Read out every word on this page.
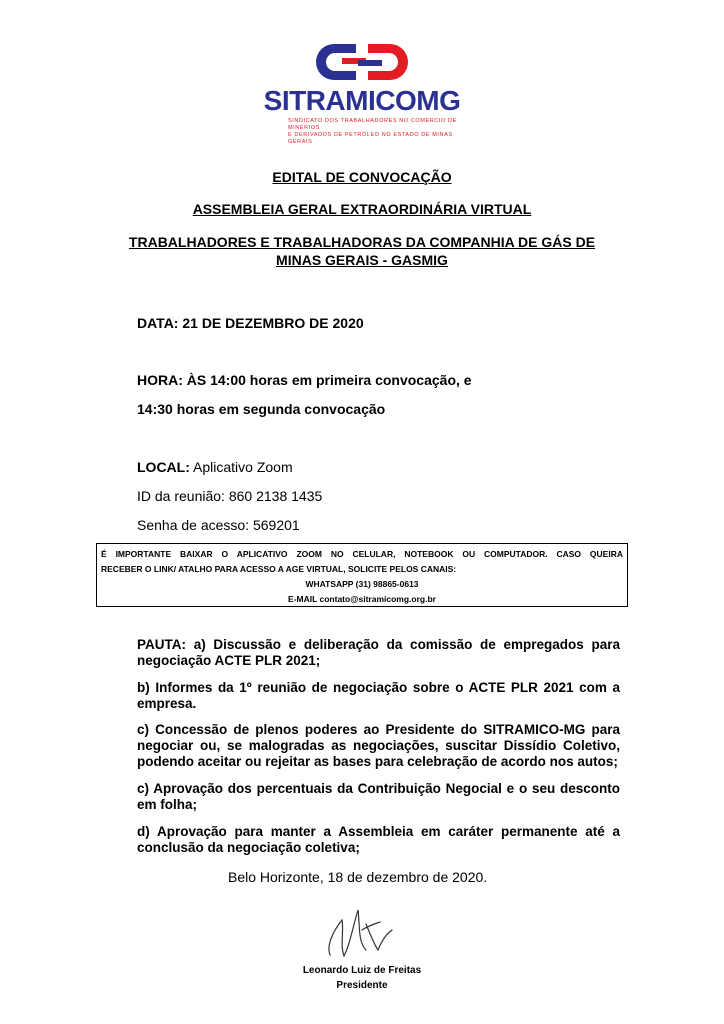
SITRAMICOMG
SINDICATO DOS TRABALHADORES NO COMÉRCIO DE MINÉRIOS
E DERIVADOS DE PETRÓLEO NO ESTADO DE MINAS GERAIS
EDITAL DE CONVOCAÇÃO
ASSEMBLEIA GERAL EXTRAORDINÁRIA VIRTUAL
TRABALHADORES E TRABALHADORAS DA COMPANHIA DE GÁS DE
MINAS GERAIS - GASMIG
DATA: 21 DE DEZEMBRO DE 2020
HORA: ÀS 14:00 horas em primeira convocação, e
14:30 horas em segunda convocação
LOCAL: Aplicativo Zoom
ID da reunião: 860 2138 1435
Senha de acesso: 569201
É IMPORTANTE BAIXAR O APLICATIVO ZOOM NO CELULAR, NOTEBOOK OU COMPUTADOR. CASO QUEIRA
RECEBER O LINK/ ATALHO PARA ACESSO A AGE VIRTUAL, SOLICITE PELOS CANAIS:
WHATSAPP (31) 98865-0613
E-MAIL contato@sitramicomg.org.br
PAUTA: a) Discussão e deliberação da comissão de empregados para negociação ACTE PLR 2021;
b) Informes da 1º reunião de negociação sobre o ACTE PLR 2021 com a empresa.
c) Concessão de plenos poderes ao Presidente do SITRAMICO-MG para negociar ou, se malogradas as negociações, suscitar Dissídio Coletivo, podendo aceitar ou rejeitar as bases para celebração de acordo nos autos;
c) Aprovação dos percentuais da Contribuição Negocial e o seu desconto em folha;
d) Aprovação para manter a Assembleia em caráter permanente até a conclusão da negociação coletiva;
Belo Horizonte, 18 de dezembro de 2020.
Leonardo Luiz de Freitas
Presidente
